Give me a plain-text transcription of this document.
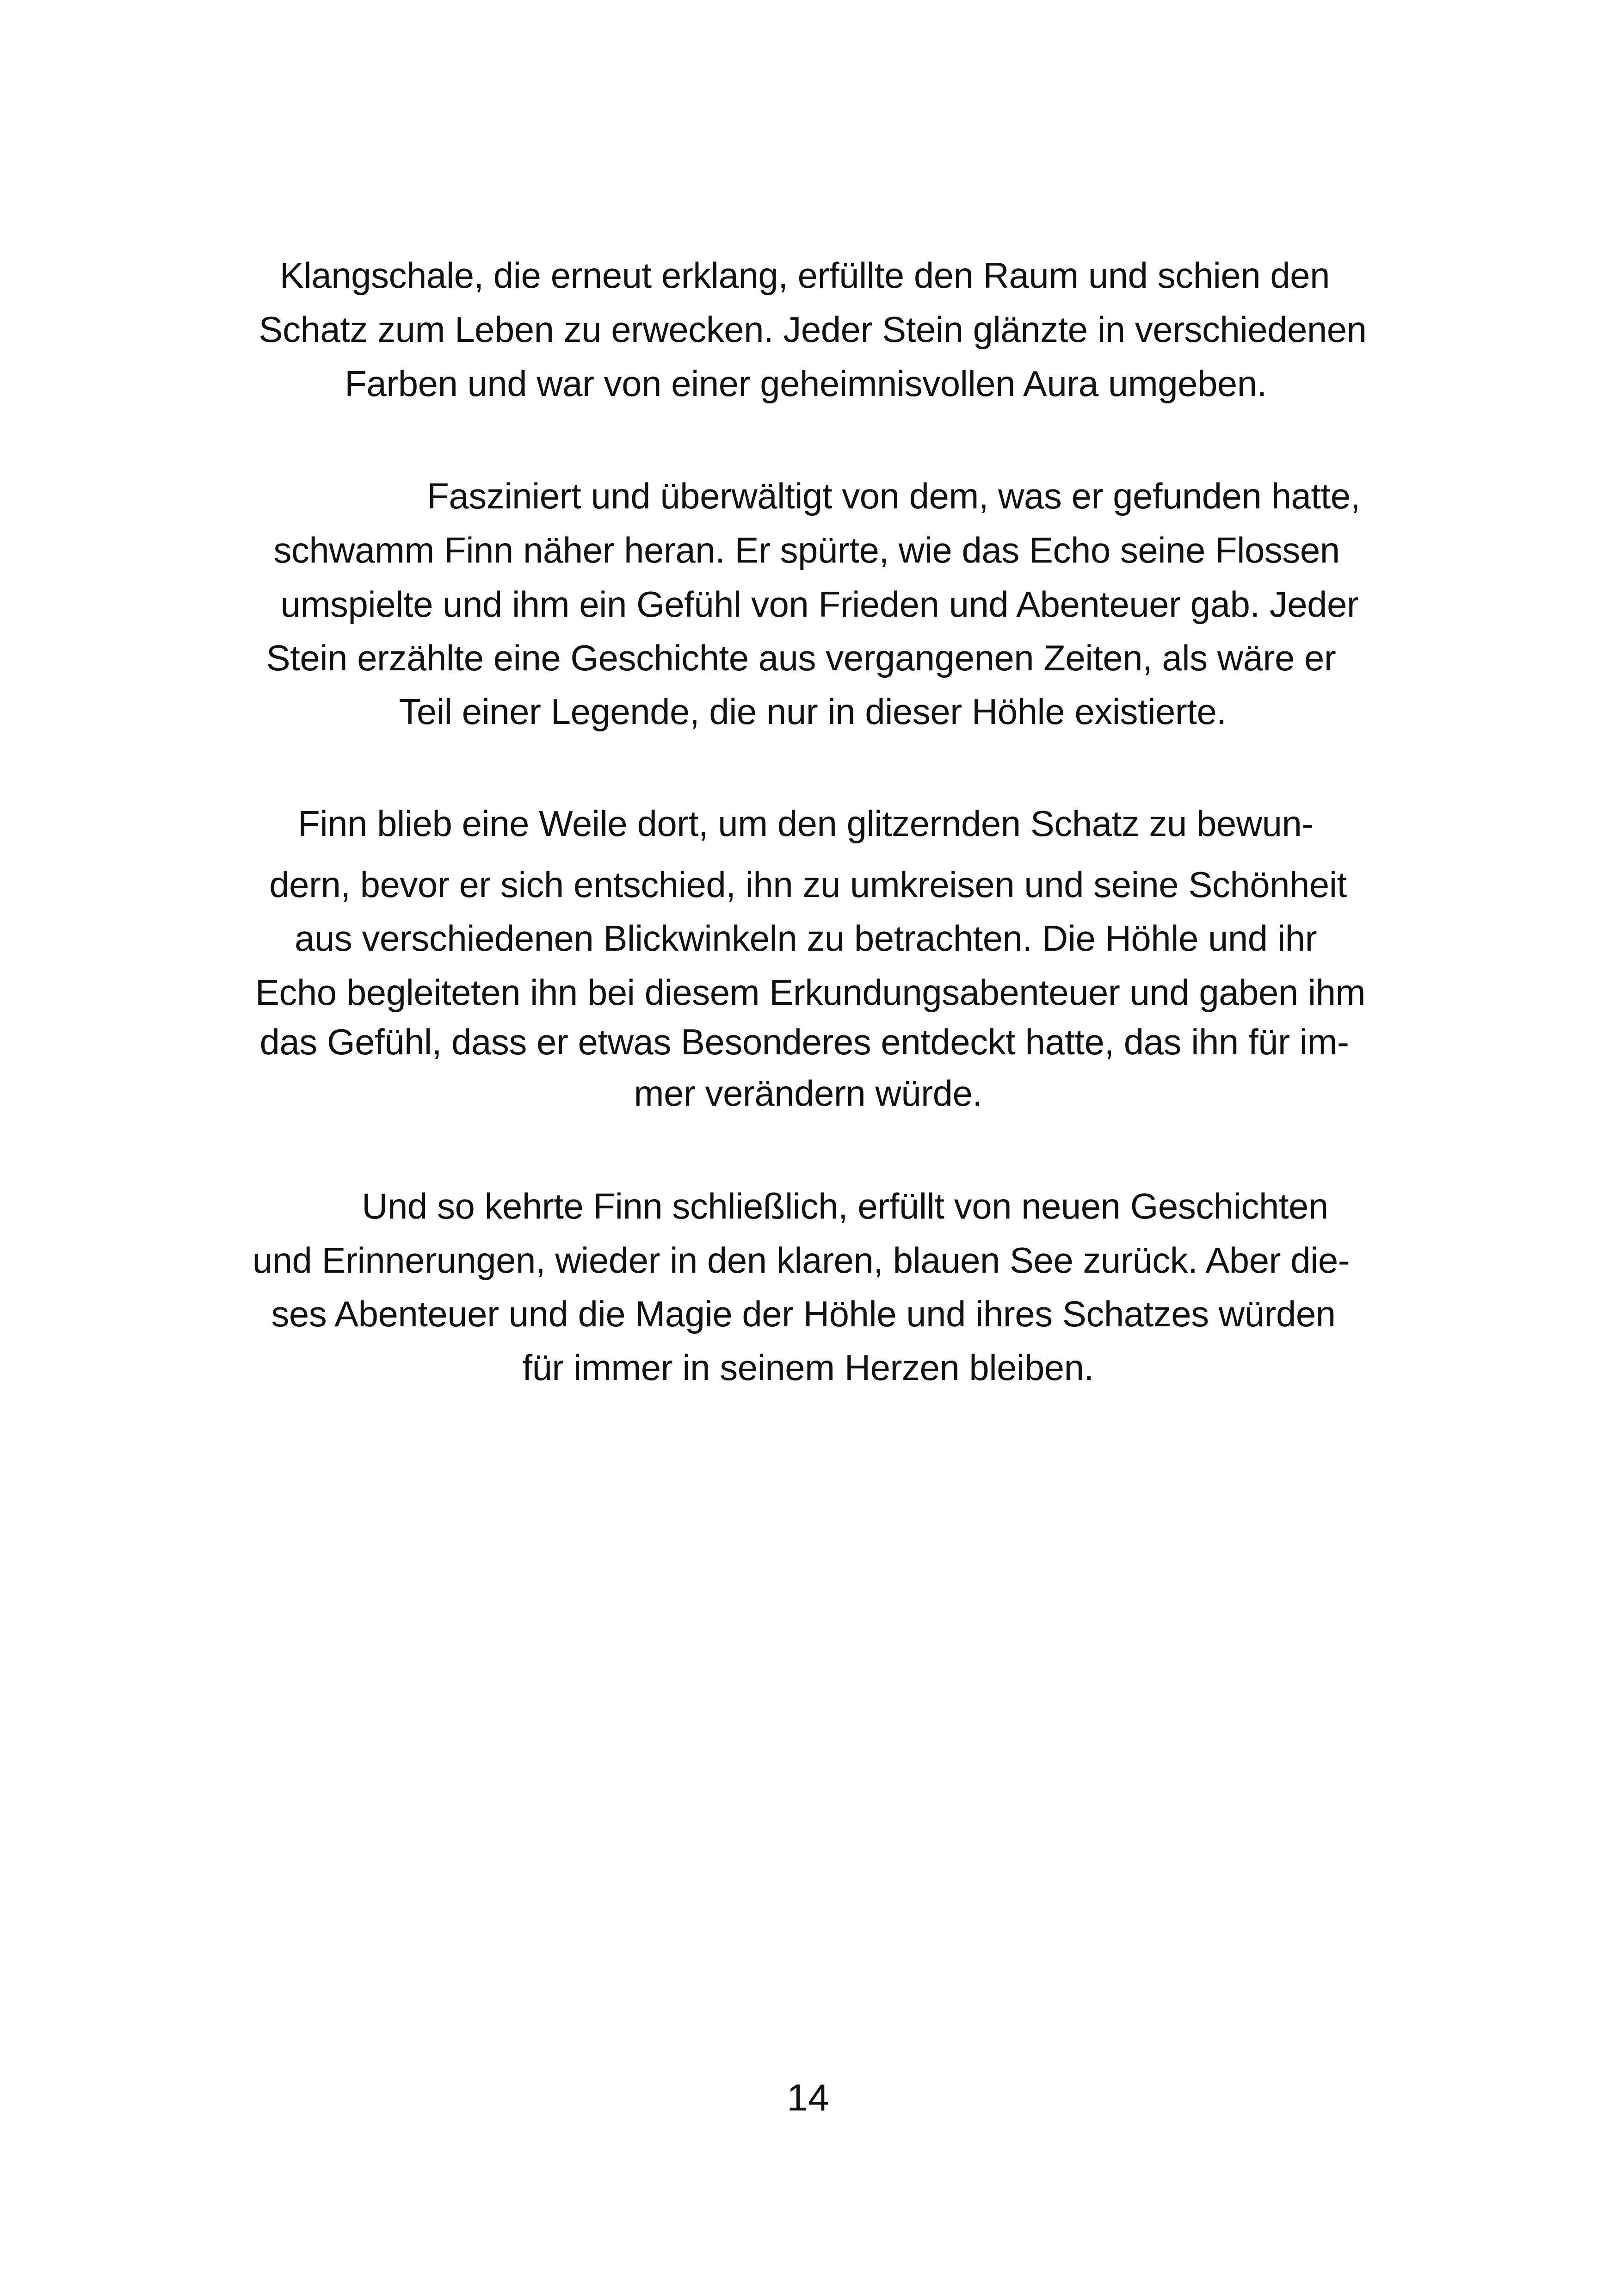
Klangschale, die erneut erklang, erfüllte den Raum und schien den
Schatz zum Leben zu erwecken. Jeder Stein glänzte in verschiedenen
Farben und war von einer geheimnisvollen Aura umgeben.
Fasziniert und überwältigt von dem, was er gefunden hatte,
schwamm Finn näher heran. Er spürte, wie das Echo seine Flossen
umspielte und ihm ein Gefühl von Frieden und Abenteuer gab. Jeder
Stein erzählte eine Geschichte aus vergangenen Zeiten, als wäre er
Teil einer Legende, die nur in dieser Höhle existierte.
Finn blieb eine Weile dort, um den glitzernden Schatz zu bewun-
dern, bevor er sich entschied, ihn zu umkreisen und seine Schönheit
aus verschiedenen Blickwinkeln zu betrachten. Die Höhle und ihr
Echo begleiteten ihn bei diesem Erkundungsabenteuer und gaben ihm
das Gefühl, dass er etwas Besonderes entdeckt hatte, das ihn für im-
mer verändern würde.
Und so kehrte Finn schließlich, erfüllt von neuen Geschichten
und Erinnerungen, wieder in den klaren, blauen See zurück. Aber die-
ses Abenteuer und die Magie der Höhle und ihres Schatzes würden
für immer in seinem Herzen bleiben.
14
